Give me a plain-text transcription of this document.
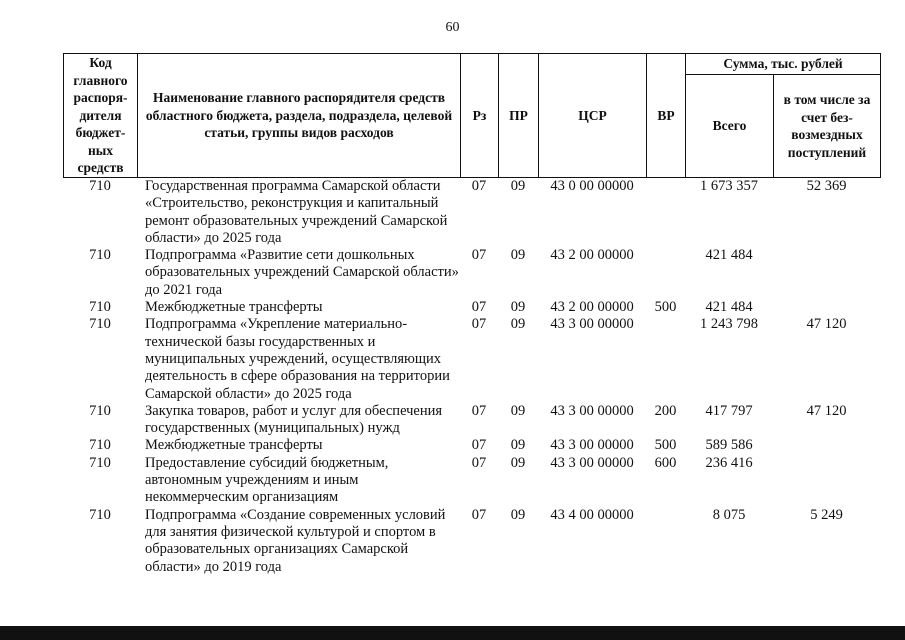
60
Код главного распоря-дителя бюджет-ных средств	Наименование главного распорядителя средств областного бюджета, раздела, подраздела, целевой статьи, группы видов расходов	Рз	ПР	ЦСР	ВР	Сумма, тыс. рублей	
						Всего	в том числе за счет без-возмездных поступлений
710	Государственная программа Самарской области «Строительство, реконструкция и капитальный ремонт образовательных учреждений Самарской области» до 2025 года	07	09	43 0 00 00000		1 673 357	52 369
710	Подпрограмма «Развитие сети дошкольных образовательных учреждений Самарской области» до 2021 года	07	09	43 2 00 00000		421 484	
710	Межбюджетные трансферты	07	09	43 2 00 00000	500	421 484	
710	Подпрограмма «Укрепление материально-технической базы государственных и муниципальных учреждений, осуществляющих деятельность в сфере образования на территории Самарской области» до 2025 года	07	09	43 3 00 00000		1 243 798	47 120
710	Закупка товаров, работ и услуг для обеспечения государственных (муниципальных) нужд	07	09	43 3 00 00000	200	417 797	47 120
710	Межбюджетные трансферты	07	09	43 3 00 00000	500	589 586	
710	Предоставление субсидий бюджетным, автономным учреждениям и иным некоммерческим организациям	07	09	43 3 00 00000	600	236 416	
710	Подпрограмма «Создание современных условий для занятия физической культурой и спортом в образовательных организациях Самарской области» до 2019 года	07	09	43 4 00 00000		8 075	5 249
